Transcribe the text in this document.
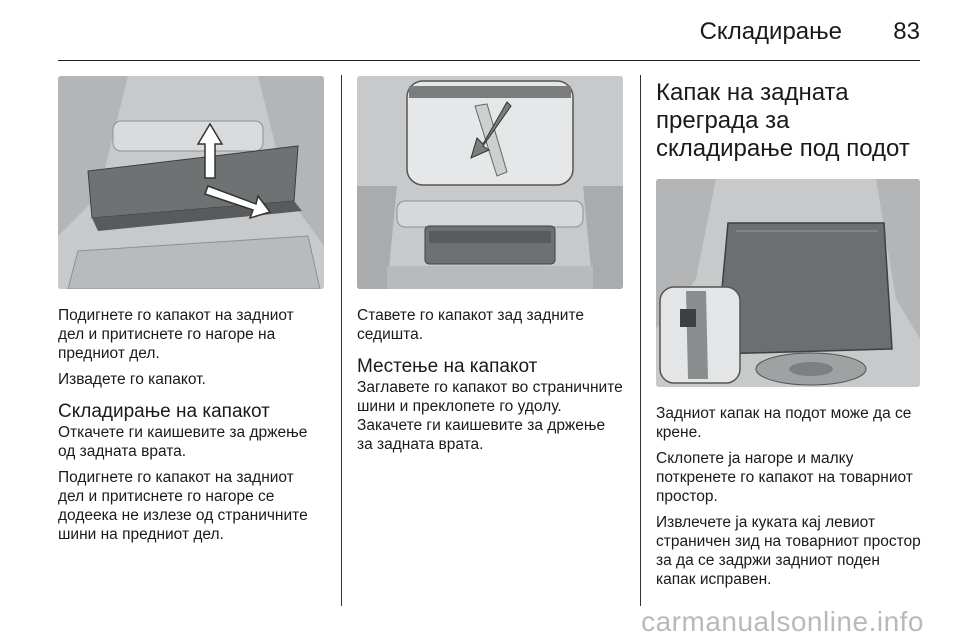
Складирање 83

Подигнете го капакот на задниот дел и притиснете го нагоре на предниот дел.

Извадете го капакот.

Складирање на капакот

Откачете ги каишевите за држење од задната врата.

Подигнете го капакот на задниот дел и притиснете го нагоре се додеека не излезе од страничните шини на предниот дел.

Ставете го капакот зад задните седишта.

Местење на капакот

Заглавете го капакот во страничните шини и преклопете го удолу. Закачете ги каишевите за држење за задната врата.

Капак на задната преграда за складирање под подот

Задниот капак на подот може да се крене.

Склопете ја нагоре и малку поткренете го капакот на товарниот простор.

Извлечете ја куката кај левиот страничен зид на товарниот простор за да се задржи задниот поден капак исправен.

carmanualsonline.info
